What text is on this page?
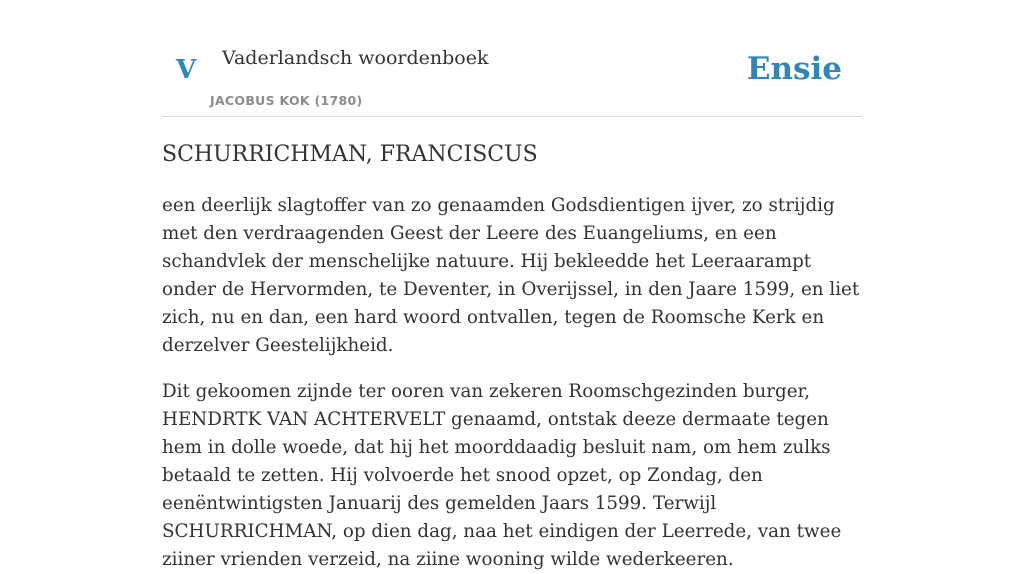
V Vaderlandsch woordenboek
JACOBUS KOK (1780)
Ensie
SCHURRICHMAN, FRANCISCUS

een deerlijk slagtoffer van zo genaamden Godsdientigen ijver, zo strijdig met den verdraagenden Geest der Leere des Euangeliums, en een schandvlek der menschelijke natuure. Hij bekleedde het Leeraarampt onder de Hervormden, te Deventer, in Overijssel, in den Jaare 1599, en liet zich, nu en dan, een hard woord ontvallen, tegen de Roomsche Kerk en derzelver Geestelijkheid.

Dit gekoomen zijnde ter ooren van zekeren Roomschgezinden burger, HENDRTK VAN ACHTERVELT genaamd, ontstak deeze dermaate tegen hem in dolle woede, dat hij het moorddaadig besluit nam, om hem zulks betaald te zetten. Hij volvoerde het snood opzet, op Zondag, den eenëntwintigsten Januarij des gemelden Jaars 1599. Terwijl SCHURRICHMAN, op dien dag, naa het eindigen der Leerrede, van twee ziiner vrienden verzeid, na ziine wooning wilde wederkeeren.
